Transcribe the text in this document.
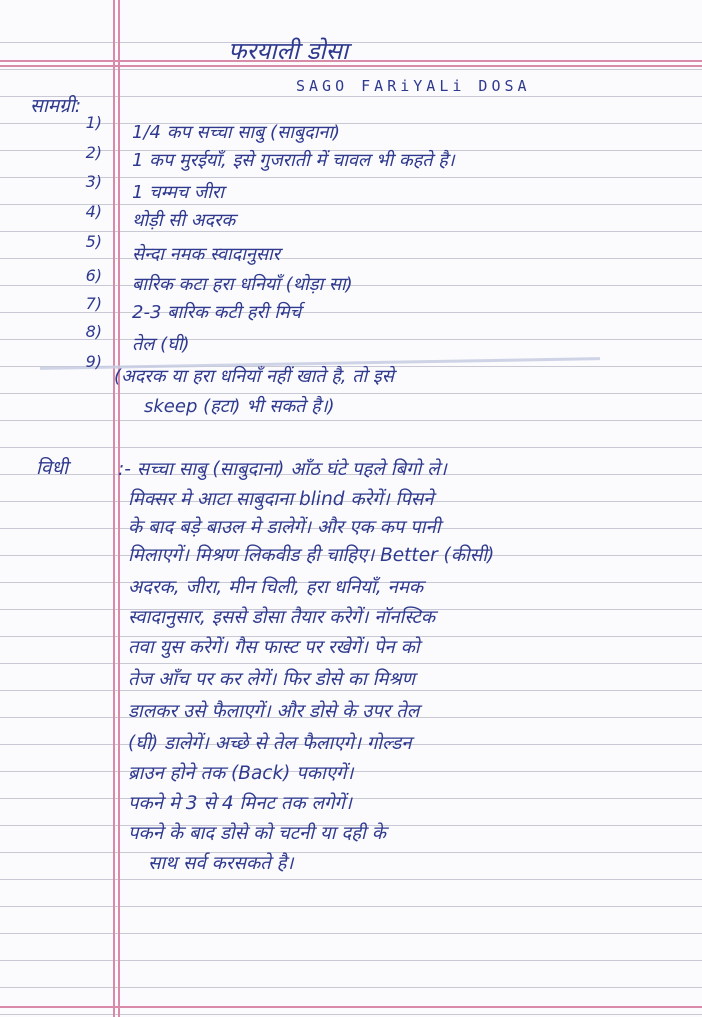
फरयाली डोसा
SAGO FARiYALi DOSA
सामग्री:
1) 1/4 कप सच्चा साबु (साबुदाना)
2) 1 कप मुरईयाँ, इसे गुजराती में चावल भी कहते है।
3)
1 चम्मच जीरा
4) थोड़ी सी अदरक
5)
सेन्दा नमक स्वादानुसार
6) बारिक कटा हरा धनियाँ (थोड़ा सा)
7) 2-3 बारिक कटी हरी मिर्च
8)
तेल (घी)
9)
(अदरक या हरा धनियाँ नहीं खाते है, तो इसे
skeep (हटा) भी सकते है।)
विधी	:- सच्चा साबु (साबुदाना) आँठ घंटे पहले बिगो ले।
मिक्सर मे आटा साबुदाना blind करेगें। पिसने
के बाद बड़े बाउल मे डालेगें। और एक कप पानी
मिलाएगें। मिश्रण लिकवीड ही चाहिए। Better (कीसी)
अदरक, जीरा, मीन चिली, हरा धनियाँ, नमक
स्वादानुसार, इससे डोसा तैयार करेगें। नॉनस्टिक
तवा युस करेगें। गैस फास्ट पर रखेगें। पेन को
तेज आँच पर कर लेगें। फिर डोसे का मिश्रण
डालकर उसे फैलाएगें। और डोसे के उपर तेल
(घी) डालेगें। अच्छे से तेल फैलाएगे। गोल्डन
ब्राउन होने तक (Back) पकाएगें।
पकने मे 3 से 4 मिनट तक लगेगें।
पकने के बाद डोसे को चटनी या दही के
साथ सर्व करसकते है।
